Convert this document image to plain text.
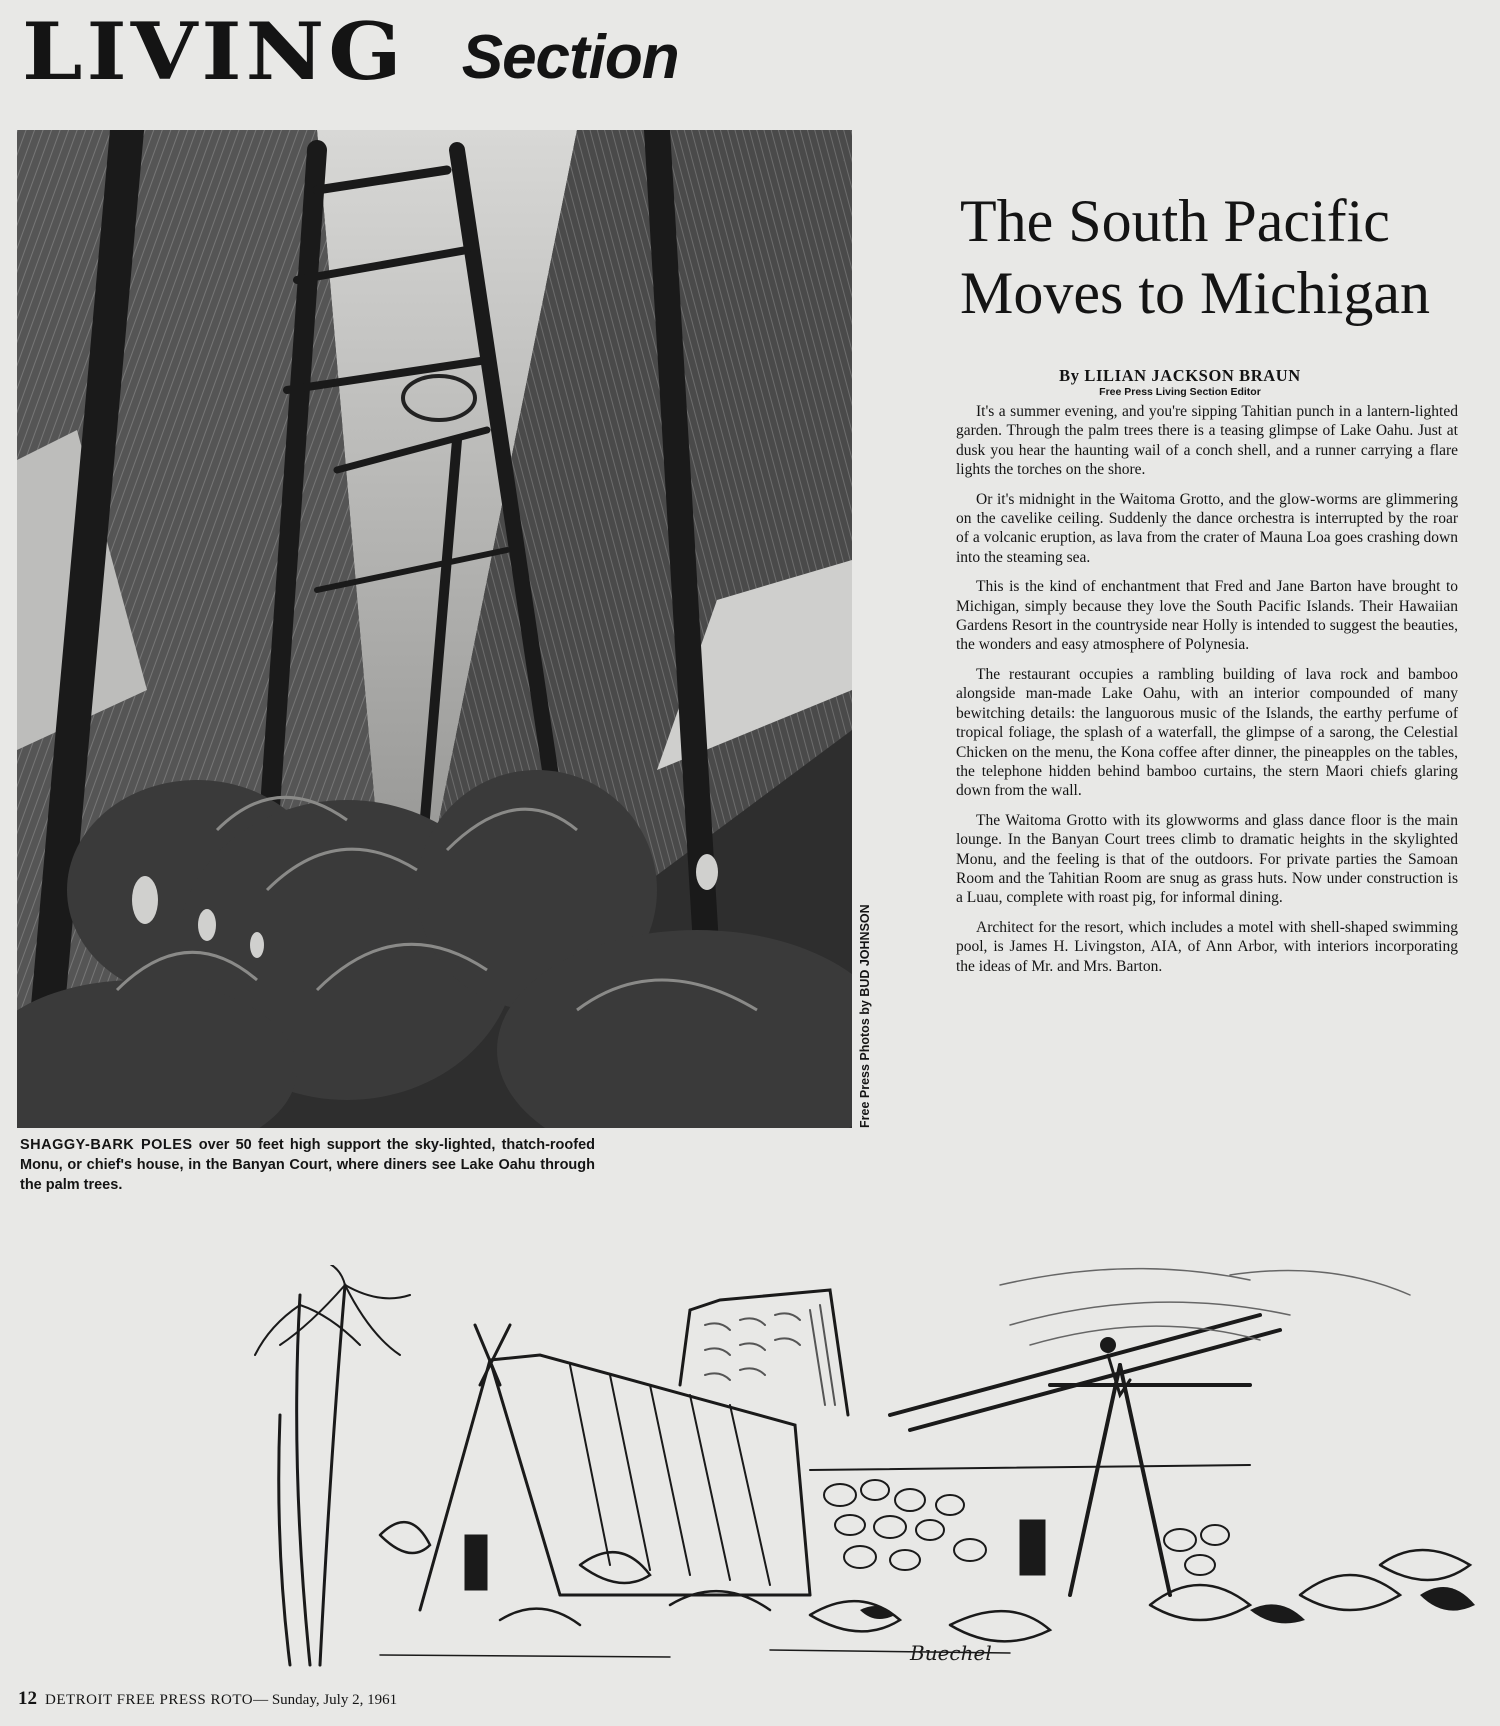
LIVING Section
Free Press Photos by BUD JOHNSON
SHAGGY-BARK POLES over 50 feet high support the sky-lighted, thatch-roofed Monu, or chief's house, in the Banyan Court, where diners see Lake Oahu through the palm trees.
The South Pacific
Moves to Michigan
By LILIAN JACKSON BRAUN
Free Press Living Section Editor

It's a summer evening, and you're sipping Tahitian punch in a lantern-lighted garden. Through the palm trees there is a teasing glimpse of Lake Oahu. Just at dusk you hear the haunting wail of a conch shell, and a runner carrying a flare lights the torches on the shore.

Or it's midnight in the Waitoma Grotto, and the glow-worms are glimmering on the cavelike ceiling. Suddenly the dance orchestra is interrupted by the roar of a volcanic eruption, as lava from the crater of Mauna Loa goes crashing down into the steaming sea.

This is the kind of enchantment that Fred and Jane Barton have brought to Michigan, simply because they love the South Pacific Islands. Their Hawaiian Gardens Resort in the countryside near Holly is intended to suggest the beauties, the wonders and easy atmosphere of Polynesia.

The restaurant occupies a rambling building of lava rock and bamboo alongside man-made Lake Oahu, with an interior compounded of many bewitching details: the languorous music of the Islands, the earthy perfume of tropical foliage, the splash of a waterfall, the glimpse of a sarong, the Celestial Chicken on the menu, the Kona coffee after dinner, the pineapples on the tables, the telephone hidden behind bamboo curtains, the stern Maori chiefs glaring down from the wall.

The Waitoma Grotto with its glowworms and glass dance floor is the main lounge. In the Banyan Court trees climb to dramatic heights in the skylighted Monu, and the feeling is that of the outdoors. For private parties the Samoan Room and the Tahitian Room are snug as grass huts. Now under construction is a Luau, complete with roast pig, for informal dining.

Architect for the resort, which includes a motel with shell-shaped swimming pool, is James H. Livingston, AIA, of Ann Arbor, with interiors incorporating the ideas of Mr. and Mrs. Barton.

Buechel
12 DETROIT FREE PRESS ROTO— Sunday, July 2, 1961
